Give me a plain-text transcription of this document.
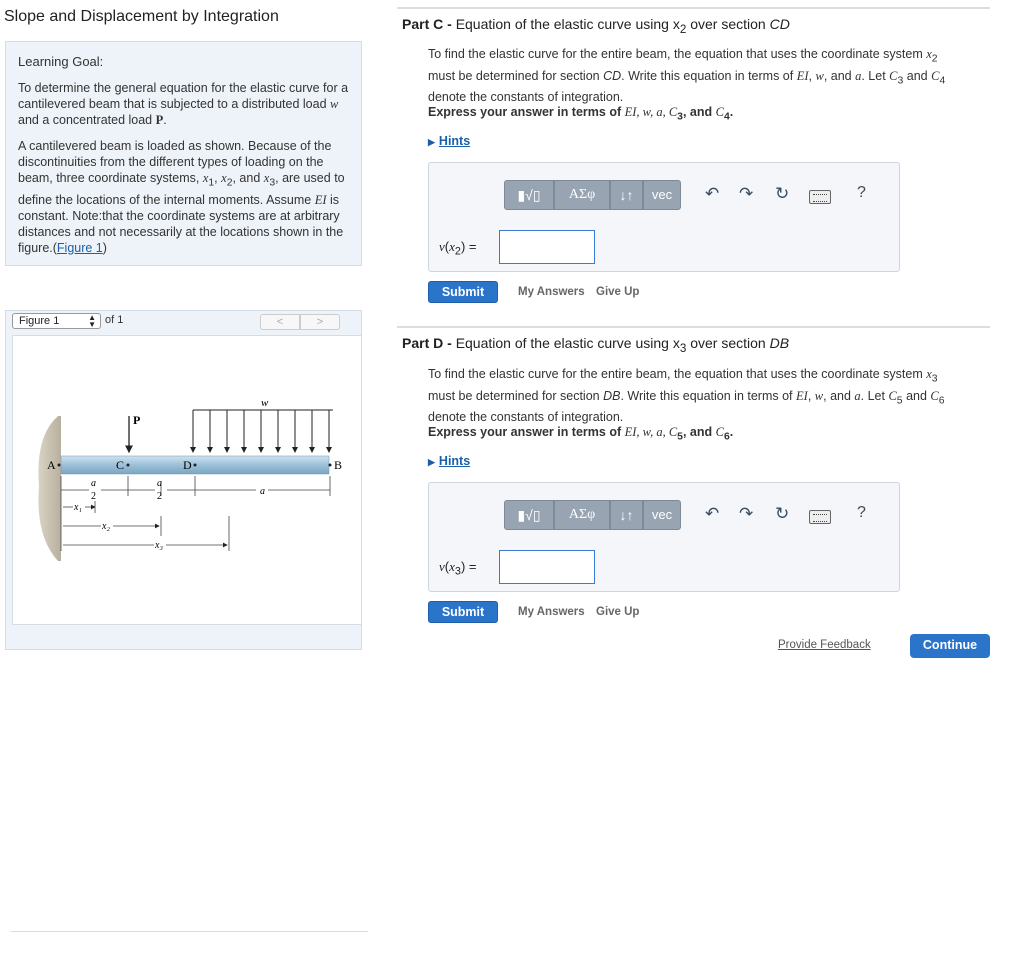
Slope and Displacement by Integration
Learning Goal:

To determine the general equation for the elastic curve for a cantilevered beam that is subjected to a distributed load w and a concentrated load P.

A cantilevered beam is loaded as shown. Because of the discontinuities from the different types of loading on the beam, three coordinate systems, $x_1$, $x_2$, and $x_3$, are used to define the locations of the internal moments. Assume EI is constant. Note:that the coordinate systems are at arbitrary distances and not necessarily at the locations shown in the figure.(Figure 1)

Figure 1	▲
▼ of 1	<	>
P
w
A	C	D	B
a
2
a
2	a
x₁
x₂
x₃
Part C - Equation of the elastic curve using $x_2$ over section CD
To find the elastic curve for the entire beam, the equation that uses the coordinate system $x_2$ must be determined for section CD. Write this equation in terms of EI, w, and a. Let $C_3$ and $C_4$ denote the constants of integration.
Express your answer in terms of EI, w, a, $C_3$, and $C_4$.
▶ Hints
▮√▯	ΑΣφ	↓↑	vec	↶ ↷ ↻	?
$v(x_2)$ =
Submit	My Answers Give Up
Part D - Equation of the elastic curve using $x_3$ over section DB
To find the elastic curve for the entire beam, the equation that uses the coordinate system $x_3$ must be determined for section DB. Write this equation in terms of EI, w, and a. Let $C_5$ and $C_6$ denote the constants of integration.
Express your answer in terms of EI, w, a, $C_5$, and $C_6$.
▶ Hints
▮√▯	ΑΣφ	↓↑	vec	↶ ↷ ↻	?
$v(x_3)$ =
Submit	My Answers Give Up
Provide Feedback	Continue
